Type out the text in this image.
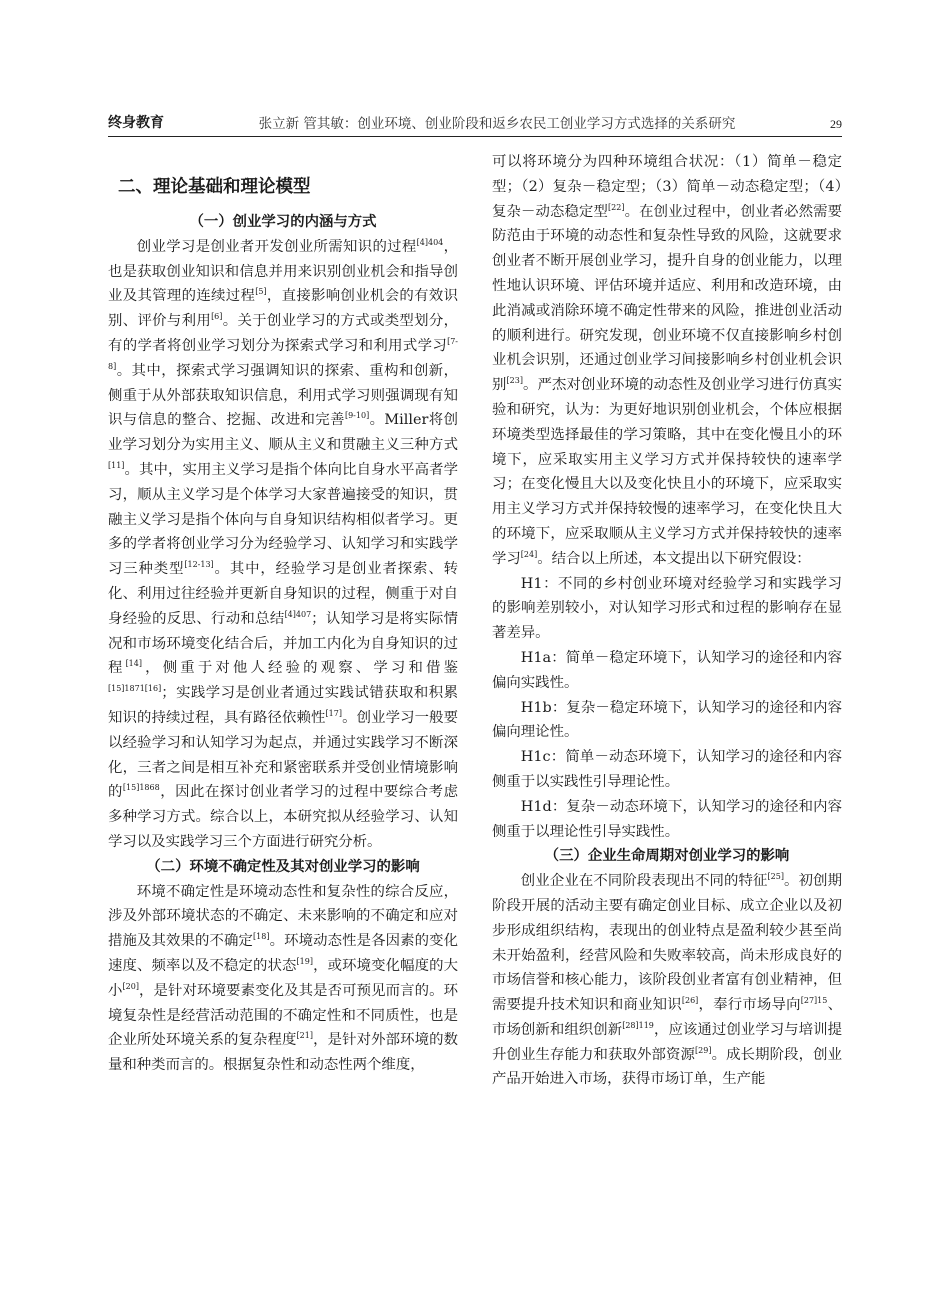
终身教育	张立新 管其敏：创业环境、创业阶段和返乡农民工创业学习方式选择的关系研究	29
二、理论基础和理论模型
（一）创业学习的内涵与方式

创业学习是创业者开发创业所需知识的过程$^{[4]404}$，也是获取创业知识和信息并用来识别创业机会和指导创业及其管理的连续过程[5]，直接影响创业机会的有效识别、评价与利用[6]。关于创业学习的方式或类型划分，有的学者将创业学习划分为探索式学习和利用式学习[7-8]。其中，探索式学习强调知识的探索、重构和创新，侧重于从外部获取知识信息，利用式学习则强调现有知识与信息的整合、挖掘、改进和完善[9-10]。Miller将创业学习划分为实用主义、顺从主义和贯融主义三种方式[11]。其中，实用主义学习是指个体向比自身水平高者学习，顺从主义学习是个体学习大家普遍接受的知识，贯融主义学习是指个体向与自身知识结构相似者学习。更多的学者将创业学习分为经验学习、认知学习和实践学习三种类型[12-13]。其中，经验学习是创业者探索、转化、利用过往经验并更新自身知识的过程，侧重于对自身经验的反思、行动和总结$^{[4]407}$；认知学习是将实际情况和市场环境变化结合后，并加工内化为自身知识的过程[14]，侧重于对他人经验的观察、学习和借鉴[15]1871[16]；实践学习是创业者通过实践试错获取和积累知识的持续过程，具有路径依赖性[17]。创业学习一般要以经验学习和认知学习为起点，并通过实践学习不断深化，三者之间是相互补充和紧密联系并受创业情境影响的$^{[15]1868}$，因此在探讨创业者学习的过程中要综合考虑多种学习方式。综合以上，本研究拟从经验学习、认知学习以及实践学习三个方面进行研究分析。

（二）环境不确定性及其对创业学习的影响

环境不确定性是环境动态性和复杂性的综合反应，涉及外部环境状态的不确定、未来影响的不确定和应对措施及其效果的不确定[18]。环境动态性是各因素的变化速度、频率以及不稳定的状态[19]，或环境变化幅度的大小[20]，是针对环境要素变化及其是否可预见而言的。环境复杂性是经营活动范围的不确定性和不同质性，也是企业所处环境关系的复杂程度[21]，是针对外部环境的数量和种类而言的。根据复杂性和动态性两个维度，

可以将环境分为四种环境组合状况：（1）简单－稳定型；（2）复杂－稳定型；（3）简单－动态稳定型；（4）复杂－动态稳定型[22]。在创业过程中，创业者必然需要防范由于环境的动态性和复杂性导致的风险，这就要求创业者不断开展创业学习，提升自身的创业能力，以理性地认识环境、评估环境并适应、利用和改造环境，由此消减或消除环境不确定性带来的风险，推进创业活动的顺利进行。研究发现，创业环境不仅直接影响乡村创业机会识别，还通过创业学习间接影响乡村创业机会识别[23]。严杰对创业环境的动态性及创业学习进行仿真实验和研究，认为：为更好地识别创业机会，个体应根据环境类型选择最佳的学习策略，其中在变化慢且小的环境下，应采取实用主义学习方式并保持较快的速率学习；在变化慢且大以及变化快且小的环境下，应采取实用主义学习方式并保持较慢的速率学习，在变化快且大的环境下，应采取顺从主义学习方式并保持较快的速率学习[24]。结合以上所述，本文提出以下研究假设：

H1：不同的乡村创业环境对经验学习和实践学习的影响差别较小，对认知学习形式和过程的影响存在显著差异。

H1a：简单－稳定环境下，认知学习的途径和内容偏向实践性。

H1b：复杂－稳定环境下，认知学习的途径和内容偏向理论性。

H1c：简单－动态环境下，认知学习的途径和内容侧重于以实践性引导理论性。

H1d：复杂－动态环境下，认知学习的途径和内容侧重于以理论性引导实践性。

（三）企业生命周期对创业学习的影响

创业企业在不同阶段表现出不同的特征[25]。初创期阶段开展的活动主要有确定创业目标、成立企业以及初步形成组织结构，表现出的创业特点是盈利较少甚至尚未开始盈利，经营风险和失败率较高，尚未形成良好的市场信誉和核心能力，该阶段创业者富有创业精神，但需要提升技术知识和商业知识[26]，奉行市场导向$^{[27]15}$、市场创新和组织创新$^{[28]119}$，应该通过创业学习与培训提升创业生存能力和获取外部资源[29]。成长期阶段，创业产品开始进入市场，获得市场订单，生产能
